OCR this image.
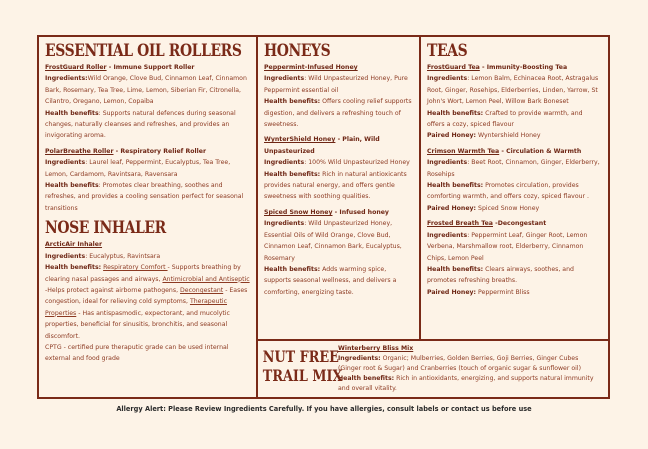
ESSENTIAL OIL ROLLERS
FrostGuard Roller - Immune Support Roller
Ingredients:Wild Orange, Clove Bud, Cinnamon Leaf, Cinnamon Bark, Rosemary, Tea Tree, Lime, Lemon, Siberian Fir, Citronella, Cilantro, Oregano, Lemon, Copaiba
Health benefits: Supports natural defences during seasonal changes, naturally cleanses and refreshes, and provides an invigorating aroma.
PolarBreathe Roller - Respiratory Relief Roller
Ingredients: Laurel leaf, Peppermint, Eucalyptus, Tea Tree, Lemon, Cardamom, Ravintsara, Ravensara
Health benefits: Promotes clear breathing, soothes and refreshes, and provides a cooling sensation perfect for seasonal transitions
NOSE INHALER
ArcticAir Inhaler
Ingredients: Eucalyptus, Ravintsara
Health benefits: Respiratory Comfort - Supports breathing by clearing nasal passages and airways, Antimicrobial and Antiseptic -Helps protect against airborne pathogens, Decongestant - Eases congestion, ideal for relieving cold symptoms, Therapeutic Properties - Has antispasmodic, expectorant, and mucolytic properties, beneficial for sinusitis, bronchitis, and seasonal discomfort.
CPTG - certified pure theraputic grade can be used internal external and food grade
HONEYS
Peppermint-Infused Honey
Ingredients: Wild Unpasteurized Honey, Pure Peppermint essential oil
Health benefits: Offers cooling relief supports digestion, and delivers a refreshing touch of sweetness.
WynterShield Honey - Plain, Wild Unpasteurized
Ingredients: 100% Wild Unpasteurized Honey
Health benefits: Rich in natural antioxicants provides natural energy, and offers gentle sweetness with soothing qualities.
Spiced Snow Honey - Infused honey
Ingredients: Wild Unpasteurized Honey, Essential Oils of Wild Orange, Clove Bud, Cinnamon Leaf, Cinnamon Bark, Eucalyptus, Rosemary
Health benefits: Adds warming spice, supports seasonal wellness, and delivers a comforting, energizing taste.
TEAS
FrostGuard Tea - Immunity-Boosting Tea
Ingredients: Lemon Balm, Echinacea Root, Astragalus Root, Ginger, Rosehips, Elderberries, Linden, Yarrow, St John's Wort, Lemon Peel, Willow Bark Boneset
Health benefits: Crafted to provide warmth, and offers a cozy, spiced flavour
Paired Honey: Wyntershield Honey
Crimson Warmth Tea - Circulation & Warmth
Ingredients: Beet Root, Cinnamon, Ginger, Elderberry, Rosehips
Health benefits: Promotes circulation, provides comforting warmth, and offers cozy, spiced flavour .
Paired Honey: Spiced Snow Honey
Frosted Breath Tea -Decongestant
Ingredients: Peppermint Leaf, Ginger Root, Lemon Verbena, Marshmallow root, Elderberry, Cinnamon Chips, Lemon Peel
Health benefits: Clears airways, soothes, and promotes refreshing breaths.
Paired Honey: Peppermint Bliss
NUT FREE
TRAIL MIX
Winterberry Bliss Mix
Ingredients: Organic; Mulberries, Golden Berries, Goji Berries, Ginger Cubes (Ginger root & Sugar) and Cranberries (touch of organic sugar & sunflower oil)
Health benefits: Rich in antioxidants, energizing, and supports natural immunity and overall vitality.
Allergy Alert: Please Review Ingredients Carefully. If you have allergies, consult labels or contact us before use
